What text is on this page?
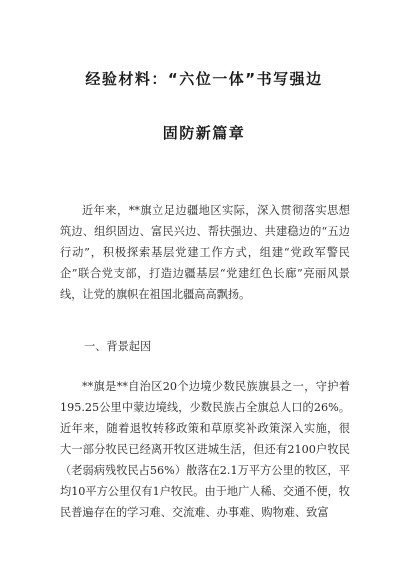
经验材料：“六位一体”书写强边
固防新篇章

近年来，**旗立足边疆地区实际，深入贯彻落实思想筑边、组织固边、富民兴边、帮扶强边、共建稳边的“五边行动”，积极探索基层党建工作方式，组建“党政军警民企”联合党支部，打造边疆基层“党建红色长廊”亮丽风景线，让党的旗帜在祖国北疆高高飘扬。

一、背景起因

**旗是**自治区20个边境少数民族旗县之一，守护着195.25公里中蒙边境线，少数民族占全旗总人口的26%。近年来，随着退牧转移政策和草原奖补政策深入实施，很大一部分牧民已经离开牧区进城生活，但还有2100户牧民（老弱病残牧民占56%）散落在2.1万平方公里的牧区，平均10平方公里仅有1户牧民。由于地广人稀、交通不便，牧民普遍存在的学习难、交流难、办事难、购物难、致富
